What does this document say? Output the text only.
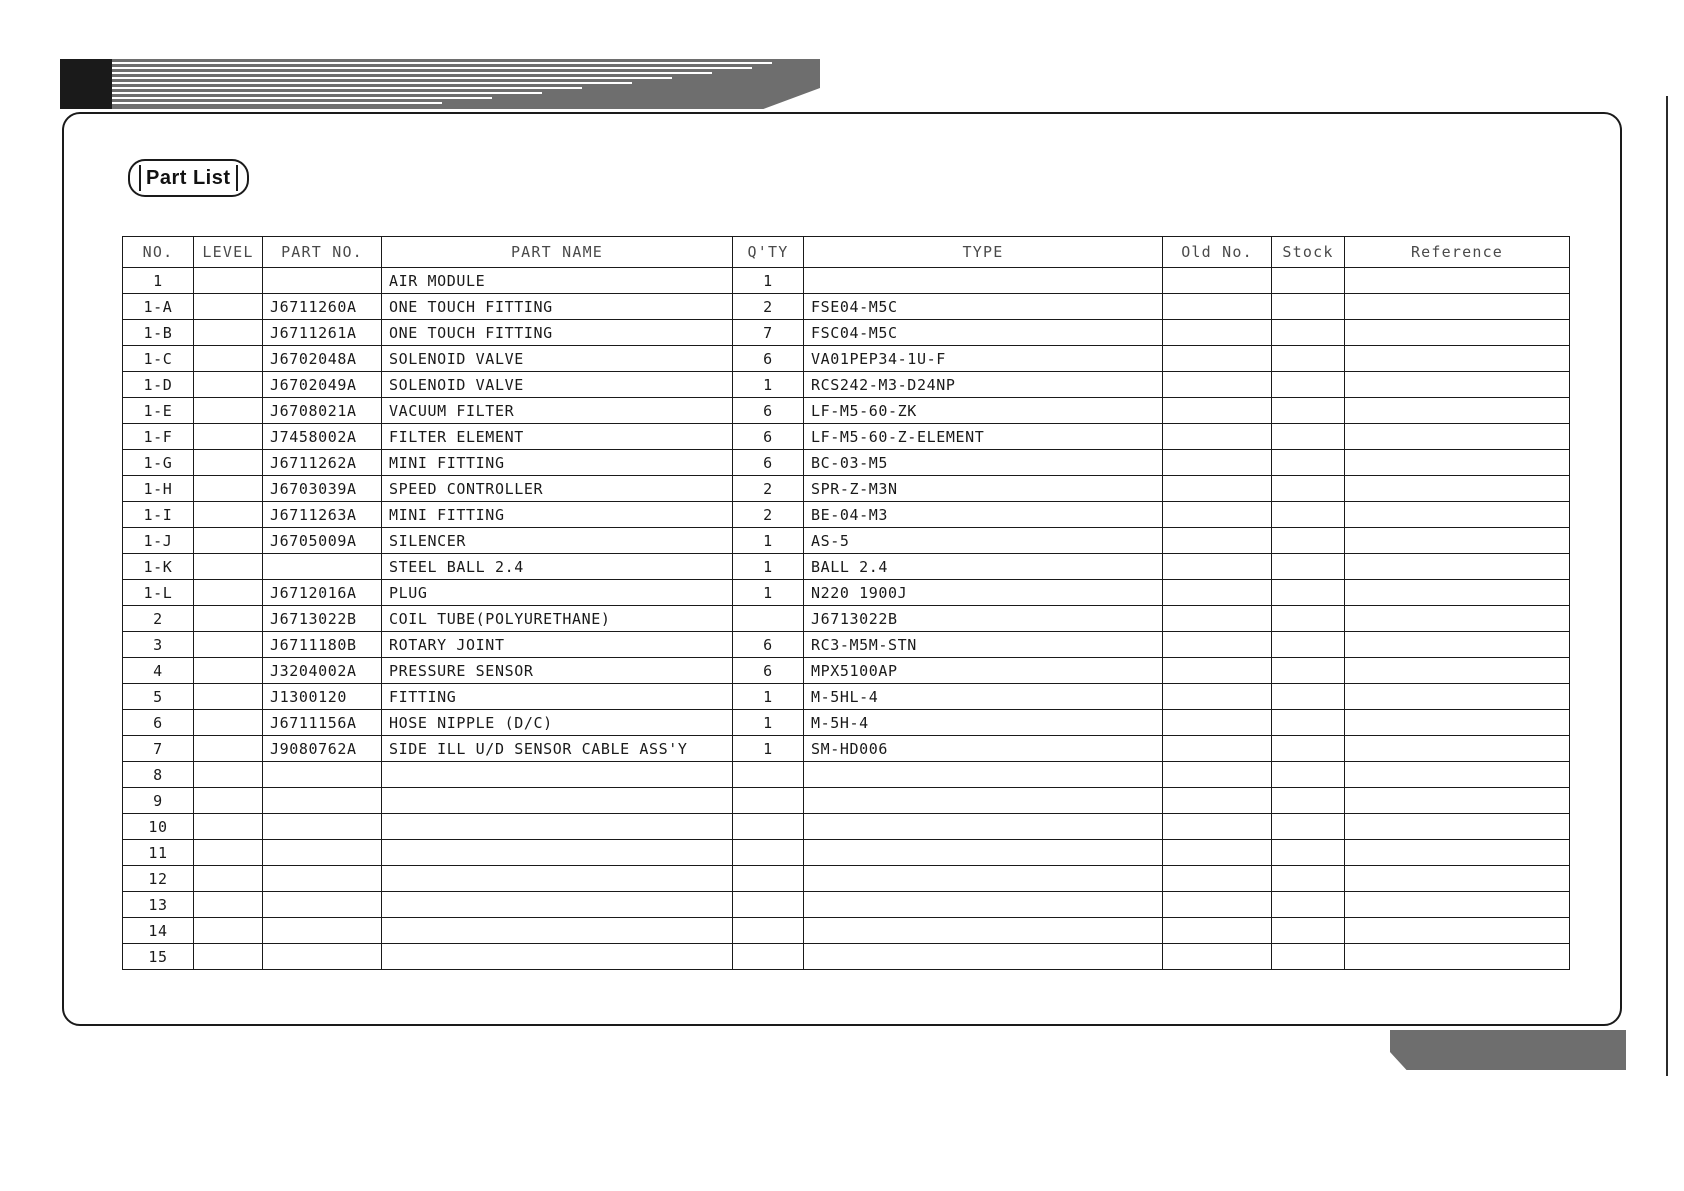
Part List
NO.	LEVEL	PART NO.	PART NAME	Q'TY	TYPE	Old No.	Stock	Reference
1			AIR MODULE	1				
1-A		J6711260A	ONE TOUCH FITTING	2	FSE04-M5C			
1-B		J6711261A	ONE TOUCH FITTING	7	FSC04-M5C			
1-C		J6702048A	SOLENOID VALVE	6	VA01PEP34-1U-F			
1-D		J6702049A	SOLENOID VALVE	1	RCS242-M3-D24NP			
1-E		J6708021A	VACUUM FILTER	6	LF-M5-60-ZK			
1-F		J7458002A	FILTER ELEMENT	6	LF-M5-60-Z-ELEMENT			
1-G		J6711262A	MINI FITTING	6	BC-03-M5			
1-H		J6703039A	SPEED CONTROLLER	2	SPR-Z-M3N			
1-I		J6711263A	MINI FITTING	2	BE-04-M3			
1-J		J6705009A	SILENCER	1	AS-5			
1-K			STEEL BALL 2.4	1	BALL 2.4			
1-L		J6712016A	PLUG	1	N220 1900J			
2		J6713022B	COIL TUBE(POLYURETHANE)		J6713022B			
3		J6711180B	ROTARY JOINT	6	RC3-M5M-STN			
4		J3204002A	PRESSURE SENSOR	6	MPX5100AP			
5		J1300120	FITTING	1	M-5HL-4			
6		J6711156A	HOSE NIPPLE (D/C)	1	M-5H-4			
7		J9080762A	SIDE ILL U/D SENSOR CABLE ASS'Y	1	SM-HD006			
8								
9								
10								
11								
12								
13								
14								
15								
